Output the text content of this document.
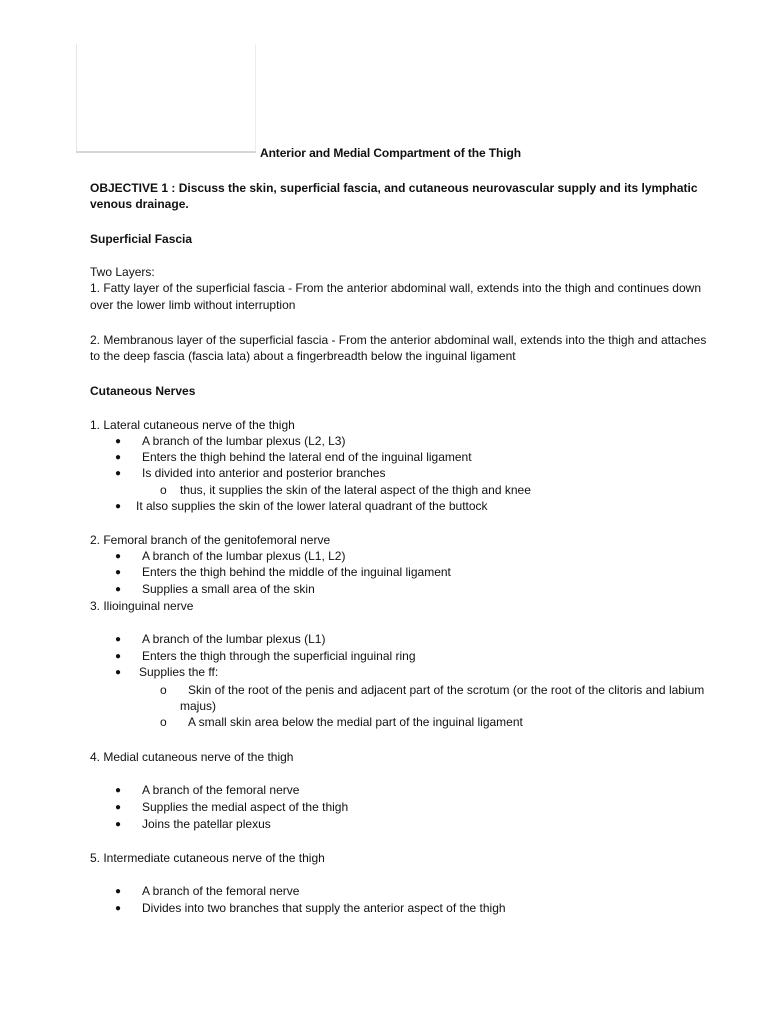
Anterior and Medial Compartment of the Thigh
OBJECTIVE 1 : Discuss the skin, superficial fascia, and cutaneous neurovascular supply and its lymphatic
venous drainage.
Superficial Fascia
Two Layers:
1. Fatty layer of the superficial fascia - From the anterior abdominal wall, extends into the thigh and continues down
over the lower limb without interruption
2. Membranous layer of the superficial fascia - From the anterior abdominal wall, extends into the thigh and attaches
to the deep fascia (fascia lata) about a fingerbreadth below the inguinal ligament
Cutaneous Nerves
1. Lateral cutaneous nerve of the thigh
● A branch of the lumbar plexus (L2, L3)
● Enters the thigh behind the lateral end of the inguinal ligament
● Is divided into anterior and posterior branches
o thus, it supplies the skin of the lateral aspect of the thigh and knee
● It also supplies the skin of the lower lateral quadrant of the buttock
2. Femoral branch of the genitofemoral nerve
● A branch of the lumbar plexus (L1, L2)
● Enters the thigh behind the middle of the inguinal ligament
● Supplies a small area of the skin
3. Ilioinguinal nerve
● A branch of the lumbar plexus (L1)
● Enters the thigh through the superficial inguinal ring
● Supplies the ff:
o Skin of the root of the penis and adjacent part of the scrotum (or the root of the clitoris and labium
majus)
o A small skin area below the medial part of the inguinal ligament
4. Medial cutaneous nerve of the thigh
● A branch of the femoral nerve
● Supplies the medial aspect of the thigh
● Joins the patellar plexus
5. Intermediate cutaneous nerve of the thigh
● A branch of the femoral nerve
● Divides into two branches that supply the anterior aspect of the thigh
